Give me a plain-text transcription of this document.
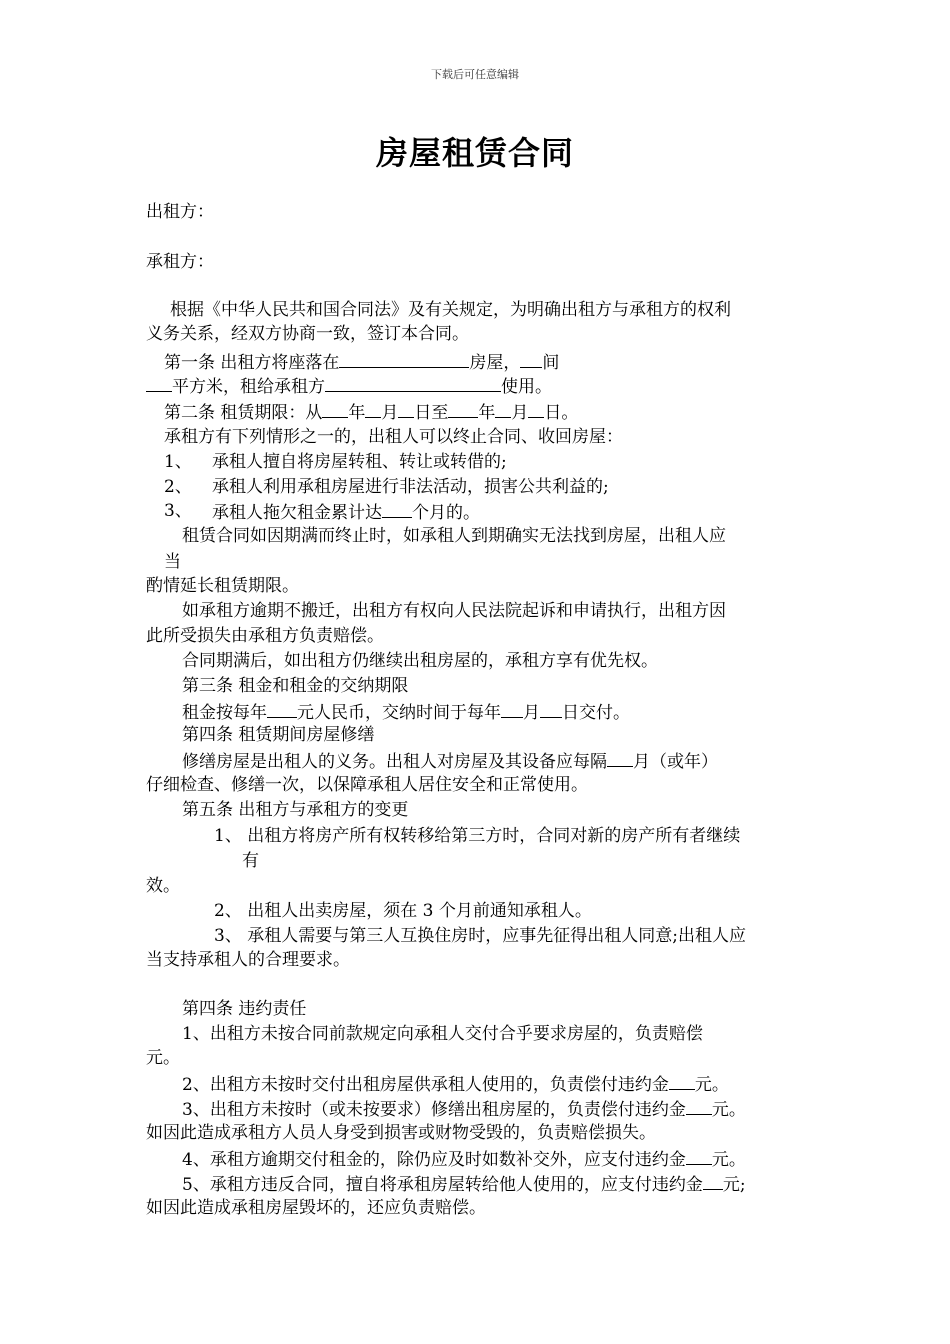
下载后可任意编辑
房屋租赁合同
出租方：
承租方：
根据《中华人民共和国合同法》及有关规定，为明确出租方与承租方的权利
义务关系，经双方协商一致，签订本合同。
第一条 出租方将座落在	房屋， 间
平方米，租给承租方	使用。
第二条 租赁期限：从 年 月 日至 年 月 日。
承租方有下列情形之一的，出租人可以终止合同、收回房屋：
1、 承租人擅自将房屋转租、转让或转借的;
2、 承租人利用承租房屋进行非法活动，损害公共利益的;
3、 承租人拖欠租金累计达 个月的。
租赁合同如因期满而终止时，如承租人到期确实无法找到房屋，出租人应
当
酌情延长租赁期限。
如承租方逾期不搬迁，出租方有权向人民法院起诉和申请执行，出租方因
此所受损失由承租方负责赔偿。
合同期满后，如出租方仍继续出租房屋的，承租方享有优先权。
第三条 租金和租金的交纳期限
租金按每年 元人民币，交纳时间于每年 月 日交付。
第四条 租赁期间房屋修缮
修缮房屋是出租人的义务。出租人对房屋及其设备应每隔 月（或年）
仔细检查、修缮一次，以保障承租人居住安全和正常使用。
第五条 出租方与承租方的变更
1、 出租方将房产所有权转移给第三方时，合同对新的房产所有者继续
有
效。
2、 出租人出卖房屋，须在 3 个月前通知承租人。
3、 承租人需要与第三人互换住房时，应事先征得出租人同意;出租人应
当支持承租人的合理要求。
第四条 违约责任
1、出租方未按合同前款规定向承租人交付合乎要求房屋的，负责赔偿
元。
2、出租方未按时交付出租房屋供承租人使用的，负责偿付违约金 元。
3、出租方未按时（或未按要求）修缮出租房屋的，负责偿付违约金 元。
如因此造成承租方人员人身受到损害或财物受毁的，负责赔偿损失。
4、承租方逾期交付租金的，除仍应及时如数补交外，应支付违约金 元。
5、承租方违反合同，擅自将承租房屋转给他人使用的，应支付违约金 元;
如因此造成承租房屋毁坏的，还应负责赔偿。
